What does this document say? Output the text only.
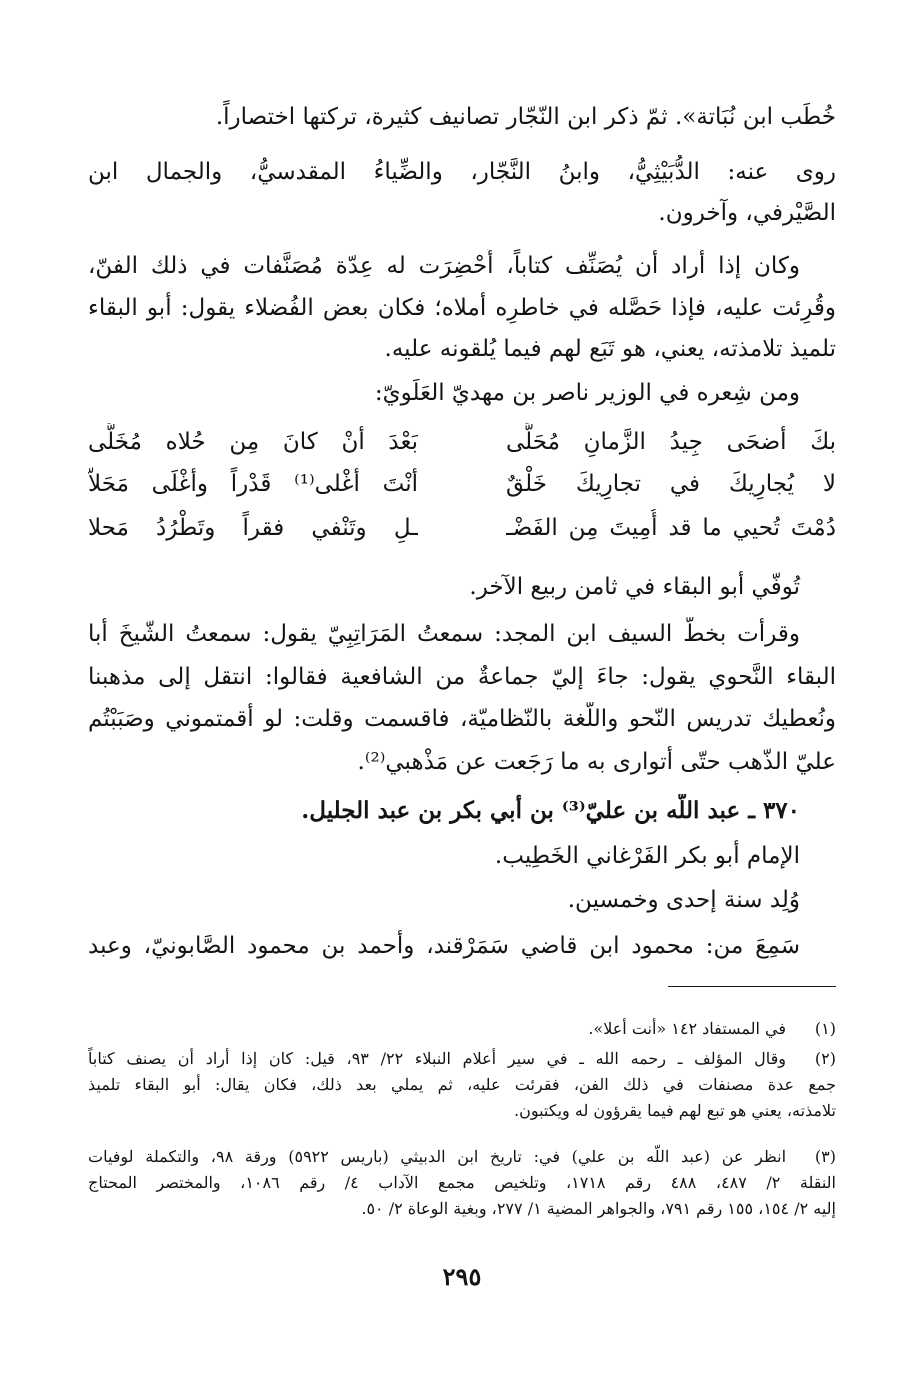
خُطَب ابن نُبَاتة». ثمّ ذكر ابن النّجّار تصانيف كثيرة، تركتها اختصاراً.
روى عنه: الدُّبَيْثِيُّ، وابنُ النَّجّار، والضِّياءُ المقدسيُّ، والجمال ابن
الصَّيْرفي، وآخرون.
وكان إذا أراد أن يُصَنِّف كتاباً، أُحْضِرَت له عِدّة مُصَنَّفات في ذلك الفنّ،
وقُرِئت عليه، فإذا حَصَّله في خاطرِه أملاه؛ فكان بعض الفُضلاء يقول: أبو البقاء
تلميذ تلامذته، يعني، هو تَبَع لهم فيما يُلقونه عليه.
ومن شِعره في الوزير ناصر بن مهديّ العَلَويّ:
بكَ أضحَى جِيدُ الزَّمانِ مُحَلَّى
بَعْدَ أنْ كانَ مِن حُلاه مُخَلَّى
لا يُجارِيكَ في تجارِيكَ خَلْقٌ
أنْتَ أغْلى⁽¹⁾ قَدْراً وأغْلَى مَحَلاّ
دُمْتَ تُحيي ما قد أُمِيتَ مِن الفَضْـ
ـلِ وتَنْفي فقراً وتَطْرُدُ مَحلا
تُوفّي أبو البقاء في ثامن ربيع الآخر.
وقرأت بخطّ السيف ابن المجد: سمعتُ المَرَاتِبِيّ يقول: سمعتُ الشّيخَ أبا
البقاء النَّحوي يقول: جاءَ إليّ جماعةٌ من الشافعية فقالوا: انتقل إلى مذهبنا
ونُعطيك تدريس النّحو واللّغة بالنّظاميّة، فاقسمت وقلت: لو أقمتموني وصَبَبْتُم
عليّ الذّهب حتّى أتوارى به ما رَجَعت عن مَذْهبي⁽²⁾.
٣٧٠ ـ عبد اللّه بن عليّ⁽³⁾ بن أبي بكر بن عبد الجليل.
الإمام أبو بكر الفَرْغاني الخَطِيب.
وُلِد سنة إحدى وخمسين.
سَمِعَ من: محمود ابن قاضي سَمَرْقند، وأحمد بن محمود الصَّابونيّ، وعبد
(١)
في المستفاد ١٤٢ «أنت أعلا».
(٢)
وقال المؤلف ـ رحمه الله ـ في سير أعلام النبلاء ٢٢/ ٩٣، قيل: كان إذا أراد أن يصنف كتاباً
جمع عدة مصنفات في ذلك الفن، فقرئت عليه، ثم يملي بعد ذلك، فكان يقال: أبو البقاء تلميذ
تلامذته، يعني هو تبع لهم فيما يقرؤون له ويكتبون.
(٣)
انظر عن (عبد اللّه بن علي) في: تاريخ ابن الدبيثي (باريس ٥٩٢٢) ورقة ٩٨، والتكملة لوفيات
النقلة ٢/ ٤٨٧، ٤٨٨ رقم ١٧١٨، وتلخيص مجمع الآداب ٤/ رقم ١٠٨٦، والمختصر المحتاج
إليه ٢/ ١٥٤، ١٥٥ رقم ٧٩١، والجواهر المضية ١/ ٢٧٧، وبغية الوعاة ٢/ ٥٠.
٢٩٥
